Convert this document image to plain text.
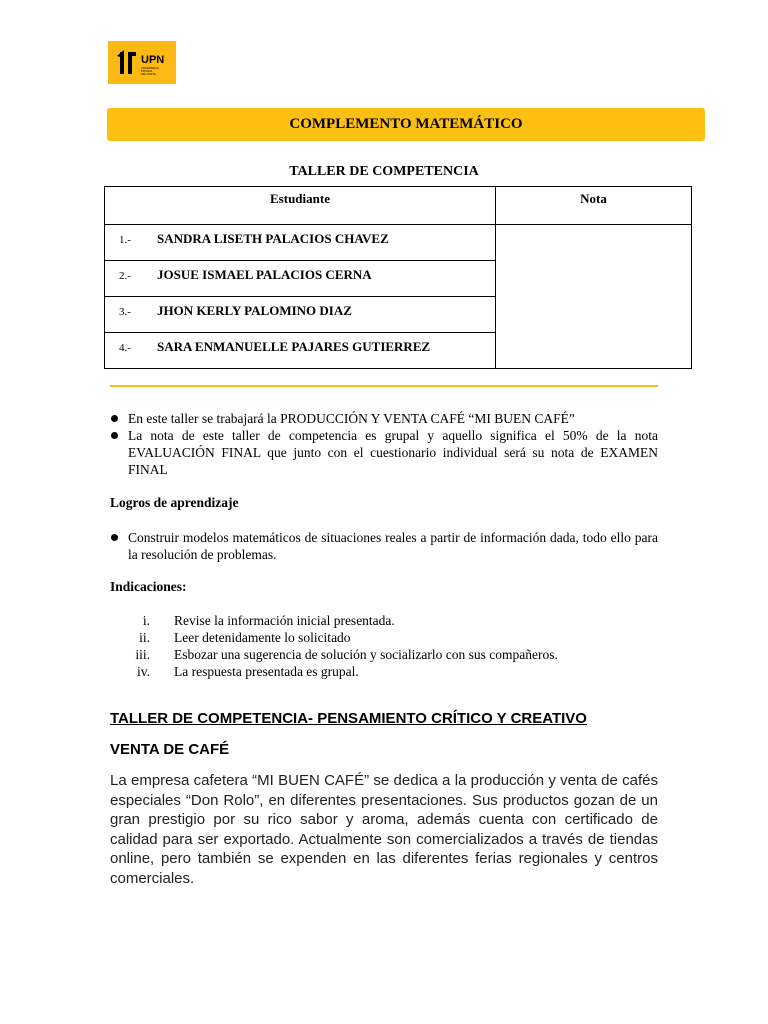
UPN
UNIVERSIDAD
PRIVADA
DEL NORTE
COMPLEMENTO MATEMÁTICO
TALLER DE COMPETENCIA
Estudiante	Nota
1.- SANDRA LISETH PALACIOS CHAVEZ	
2.- JOSUE ISMAEL PALACIOS CERNA	
3.- JHON KERLY PALOMINO DIAZ	
4.- SARA ENMANUELLE PAJARES GUTIERREZ	
En este taller se trabajará la PRODUCCIÓN Y VENTA CAFÉ “MI BUEN CAFÉ”
La nota de este taller de competencia es grupal y aquello significa el 50% de la nota EVALUACIÓN FINAL que junto con el cuestionario individual será su nota de EXAMEN FINAL
Logros de aprendizaje
Construir modelos matemáticos de situaciones reales a partir de información dada, todo ello para la resolución de problemas.
Indicaciones:
i.	Revise la información inicial presentada.
ii.	Leer detenidamente lo solicitado
iii.	Esbozar una sugerencia de solución y socializarlo con sus compañeros.
iv.	La respuesta presentada es grupal.
TALLER DE COMPETENCIA- PENSAMIENTO CRÍTICO Y CREATIVO
VENTA DE CAFÉ
La empresa cafetera “MI BUEN CAFÉ” se dedica a la producción y venta de cafés especiales “Don Rolo”, en diferentes presentaciones. Sus productos gozan de un gran prestigio por su rico sabor y aroma, además cuenta con certificado de calidad para ser exportado. Actualmente son comercializados a través de tiendas online, pero también se expenden en las diferentes ferias regionales y centros comerciales.
